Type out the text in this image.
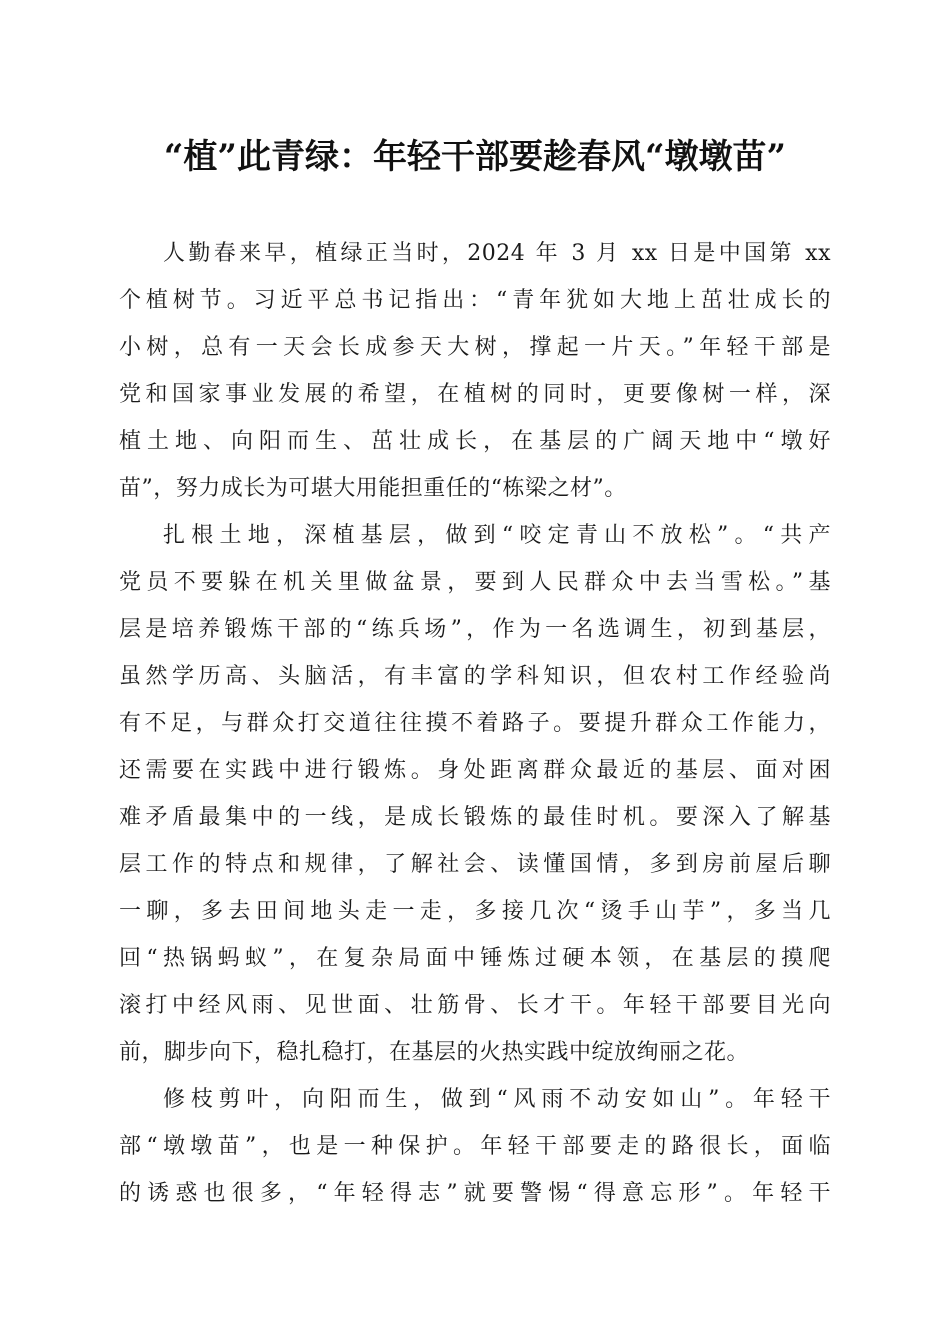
“植”此青绿：年轻干部要趁春风“墩墩苗”
人勤春来早，植绿正当时，2024 年 3 月 xx 日是中国第 xx
个植树节。习近平总书记指出：“青年犹如大地上茁壮成长的
小树，总有一天会长成参天大树，撑起一片天。”年轻干部是
党和国家事业发展的希望，在植树的同时，更要像树一样，深
植土地、向阳而生、茁壮成长，在基层的广阔天地中“墩好
苗”，努力成长为可堪大用能担重任的“栋梁之材”。
扎根土地，深植基层，做到“咬定青山不放松”。“共产
党员不要躲在机关里做盆景，要到人民群众中去当雪松。”基
层是培养锻炼干部的“练兵场”，作为一名选调生，初到基层，
虽然学历高、头脑活，有丰富的学科知识，但农村工作经验尚
有不足，与群众打交道往往摸不着路子。要提升群众工作能力，
还需要在实践中进行锻炼。身处距离群众最近的基层、面对困
难矛盾最集中的一线，是成长锻炼的最佳时机。要深入了解基
层工作的特点和规律，了解社会、读懂国情，多到房前屋后聊
一聊，多去田间地头走一走，多接几次“烫手山芋”，多当几
回“热锅蚂蚁”，在复杂局面中锤炼过硬本领，在基层的摸爬
滚打中经风雨、见世面、壮筋骨、长才干。年轻干部要目光向
前，脚步向下，稳扎稳打，在基层的火热实践中绽放绚丽之花。
修枝剪叶，向阳而生，做到“风雨不动安如山”。年轻干
部“墩墩苗”，也是一种保护。年轻干部要走的路很长，面临
的诱惑也很多，“年轻得志”就要警惕“得意忘形”。年轻干
